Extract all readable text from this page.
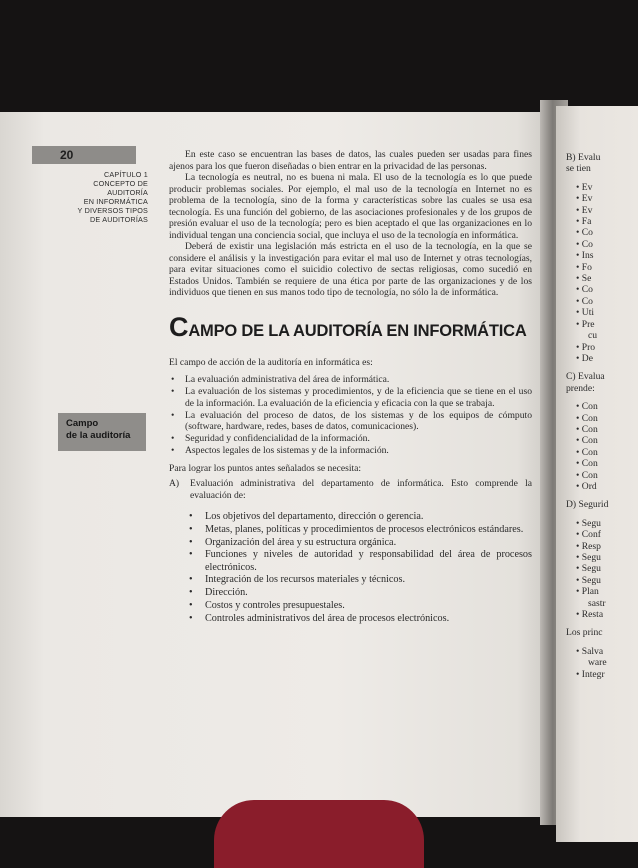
B) Evalu
se tien
• Ev
• Ev
• Ev
• Fa
• Co
• Co
• Ins
• Fo
• Se
• Co
• Co
• Uti
• Pre
cu
• Pro
• De
C) Evalua
prende:
• Con
• Con
• Con
• Con
• Con
• Con
• Con
• Ord
D) Segurid
• Segu
• Conf
• Resp
• Segu
• Segu
• Segu
• Plan
sastr
• Resta
Los princ
• Salva
ware
• Integr
20
CAPÍTULO 1
CONCEPTO DE
AUDITORÍA
EN INFORMÁTICA
Y DIVERSOS TIPOS
DE AUDITORÍAS
Campo
de la auditoría

En este caso se encuentran las bases de datos, las cuales pueden ser usadas para fines ajenos para los que fueron diseñadas o bien entrar en la privacidad de las personas.

La tecnología es neutral, no es buena ni mala. El uso de la tecnología es lo que puede producir problemas sociales. Por ejemplo, el mal uso de la tecnología en Internet no es problema de la tecnología, sino de la forma y características sobre las cuales se usa esa tecnología. Es una función del gobierno, de las asociaciones profesionales y de los grupos de presión evaluar el uso de la tecnología; pero es bien aceptado el que las organizaciones en lo individual tengan una conciencia social, que incluya el uso de la tecnología en informática.

Deberá de existir una legislación más estricta en el uso de la tecnología, en la que se considere el análisis y la investigación para evitar el mal uso de Internet y otras tecnologías, para evitar situaciones como el suicidio colectivo de sectas religiosas, como sucedió en Estados Unidos. También se requiere de una ética por parte de las organizaciones y de los individuos que tienen en sus manos todo tipo de tecnología, no sólo la de informática.

CAMPO DE LA AUDITORÍA EN INFORMÁTICA

El campo de acción de la auditoría en informática es:

• La evaluación administrativa del área de informática.
• La evaluación de los sistemas y procedimientos, y de la eficiencia que se tiene en el uso de la información. La evaluación de la eficiencia y eficacia con la que se trabaja.
• La evaluación del proceso de datos, de los sistemas y de los equipos de cómputo (software, hardware, redes, bases de datos, comunicaciones).
• Seguridad y confidencialidad de la información.
• Aspectos legales de los sistemas y de la información.

Para lograr los puntos antes señalados se necesita:

A) Evaluación administrativa del departamento de informática. Esto comprende la evaluación de:

• Los objetivos del departamento, dirección o gerencia.
• Metas, planes, políticas y procedimientos de procesos electrónicos estándares.
• Organización del área y su estructura orgánica.
• Funciones y niveles de autoridad y responsabilidad del área de procesos electrónicos.
• Integración de los recursos materiales y técnicos.
• Dirección.
• Costos y controles presupuestales.
• Controles administrativos del área de procesos electrónicos.
